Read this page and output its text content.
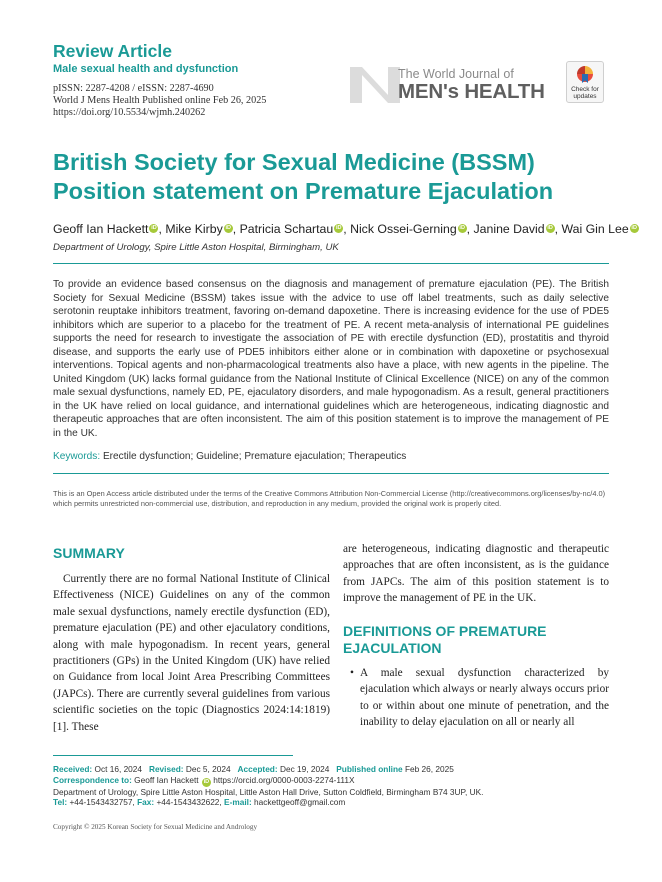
Review Article
Male sexual health and dysfunction
pISSN: 2287-4208 / eISSN: 2287-4690
World J Mens Health Published online Feb 26, 2025
https://doi.org/10.5534/wjmh.240262
The World Journal of
MEN's HEALTH	Check for updates
British Society for Sexual Medicine (BSSM) Position statement on Premature Ejaculation
Geoff Ian Hackett iD , Mike Kirby iD , Patricia Schartau iD , Nick Ossei-Gerning iD , Janine David iD , Wai Gin Lee iD
Department of Urology, Spire Little Aston Hospital, Birmingham, UK
To provide an evidence based consensus on the diagnosis and management of premature ejaculation (PE). The British Society for Sexual Medicine (BSSM) takes issue with the advice to use off label treatments, such as daily selective serotonin reuptake inhibitors treatment, favoring on-demand dapoxetine. There is increasing evidence for the use of PDE5 inhibitors which are superior to a placebo for the treatment of PE. A recent meta-analysis of international PE guidelines supports the need for research to investigate the association of PE with erectile dysfunction (ED), prostatitis and thyroid disease, and supports the early use of PDE5 inhibitors either alone or in combination with dapoxetine or psychosexual interventions. Topical agents and non-pharmacological treatments also have a place, with new agents in the pipeline. The United Kingdom (UK) lacks formal guidance from the National Institute of Clinical Excellence (NICE) on any of the common male sexual dysfunctions, namely ED, PE, ejaculatory disorders, and male hypogonadism. As a result, general practitioners in the UK have relied on local guidance, and international guidelines which are heterogeneous, indicating diagnostic and therapeutic approaches that are often inconsistent. The aim of this position statement is to improve the management of PE in the UK.
Keywords: Erectile dysfunction; Guideline; Premature ejaculation; Therapeutics
This is an Open Access article distributed under the terms of the Creative Commons Attribution Non-Commercial License (http://creativecommons.org/licenses/by-nc/4.0) which permits unrestricted non-commercial use, distribution, and reproduction in any medium, provided the original work is properly cited.
SUMMARY
Currently there are no formal National Institute of Clinical Effectiveness (NICE) Guidelines on any of the common male sexual dysfunctions, namely erectile dysfunction (ED), premature ejaculation (PE) and other ejaculatory conditions, along with male hypogonadism. In recent years, general practitioners (GPs) in the United Kingdom (UK) have relied on Guidance from local Joint Area Prescribing Committees (JAPCs). There are currently several guidelines from various scientific societies on the topic (Diagnostics 2024:14:1819) [1]. These
are heterogeneous, indicating diagnostic and therapeutic approaches that are often inconsistent, as is the guidance from JAPCs. The aim of this position statement is to improve the management of PE in the UK.
DEFINITIONS OF PREMATURE EJACULATION
• A male sexual dysfunction characterized by ejaculation which always or nearly always occurs prior to or within about one minute of penetration, and the inability to delay ejaculation on all or nearly all
Received: Oct 16, 2024 Revised: Dec 5, 2024 Accepted: Dec 19, 2024 Published online Feb 26, 2025
Correspondence to: Geoff Ian Hackett iD https://orcid.org/0000-0003-2274-111X
Department of Urology, Spire Little Aston Hospital, Little Aston Hall Drive, Sutton Coldfield, Birmingham B74 3UP, UK.
Tel: +44-1543432757, Fax: +44-1543432622, E-mail: hackettgeoff@gmail.com
Copyright © 2025 Korean Society for Sexual Medicine and Andrology
